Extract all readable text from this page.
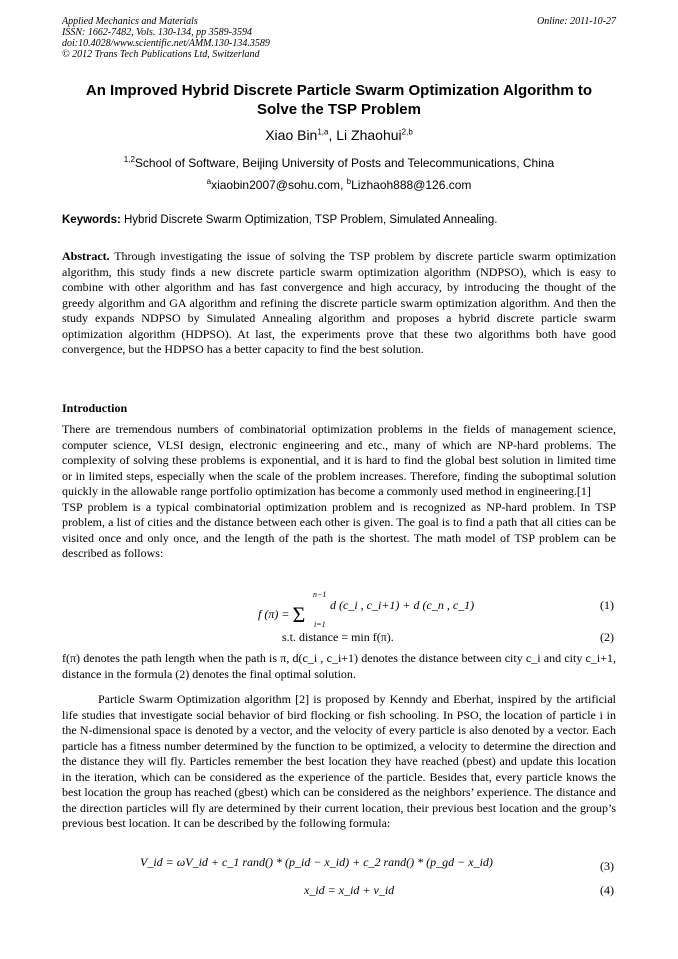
Applied Mechanics and Materials
ISSN: 1662-7482, Vols. 130-134, pp 3589-3594
doi:10.4028/www.scientific.net/AMM.130-134.3589
© 2012 Trans Tech Publications Ltd, Switzerland
Online: 2011-10-27
An Improved Hybrid Discrete Particle Swarm Optimization Algorithm to
Solve the TSP Problem
Xiao Bin$^{1,a}$, Li Zhaohui$^{2,b}$
$^{1,2}$School of Software, Beijing University of Posts and Telecommunications, China
$^a$xiaobin2007@sohu.com, $^b$Lizhaoh888@126.com
Keywords: Hybrid Discrete Swarm Optimization, TSP Problem, Simulated Annealing.
Abstract. Through investigating the issue of solving the TSP problem by discrete particle swarm optimization algorithm, this study finds a new discrete particle swarm optimization algorithm (NDPSO), which is easy to combine with other algorithm and has fast convergence and high accuracy, by introducing the thought of the greedy algorithm and GA algorithm and refining the discrete particle swarm optimization algorithm. And then the study expands NDPSO by Simulated Annealing algorithm and proposes a hybrid discrete particle swarm optimization algorithm (HDPSO). At last, the experiments prove that these two algorithms both have good convergence, but the HDPSO has a better capacity to find the best solution.
Introduction

There are tremendous numbers of combinatorial optimization problems in the fields of management science, computer science, VLSI design, electronic engineering and etc., many of which are NP-hard problems. The complexity of solving these problems is exponential, and it is hard to find the global best solution in limited time or in limited steps, especially when the scale of the problem increases. Therefore, finding the suboptimal solution quickly in the allowable range portfolio optimization has become a commonly used method in engineering.[1]

TSP problem is a typical combinatorial optimization problem and is recognized as NP-hard problem. In TSP problem, a list of cities and the distance between each other is given. The goal is to find a path that all cities can be visited once and only once, and the length of the path is the shortest. The math model of TSP problem can be described as follows:

f (π) = Σ
n−1
i=1
d (c_i , c_i+1) + d (c_n , c_1)	(1)
s.t. distance = min f(π).	(2)

f(π) denotes the path length when the path is π, d(c_i , c_i+1) denotes the distance between city c_i and city c_i+1, distance in the formula (2) denotes the final optimal solution.

Particle Swarm Optimization algorithm [2] is proposed by Kenndy and Eberhat, inspired by the artificial life studies that investigate social behavior of bird flocking or fish schooling. In PSO, the location of particle i in the N-dimensional space is denoted by a vector, and the velocity of every particle is also denoted by a vector. Each particle has a fitness number determined by the function to be optimized, a velocity to determine the direction and the distance they will fly. Particles remember the best location they have reached (pbest) and update this location in the iteration, which can be considered as the experience of the particle. Besides that, every particle knows the best location the group has reached (gbest) which can be considered as the neighbors’ experience. The distance and the direction particles will fly are determined by their current location, their previous best location and the group’s previous best location. It can be described by the following formula:

V_id = ωV_id + c_1 rand() * (p_id − x_id) + c_2 rand() * (p_gd − x_id)	(3)
x_id = x_id + v_id	(4)
